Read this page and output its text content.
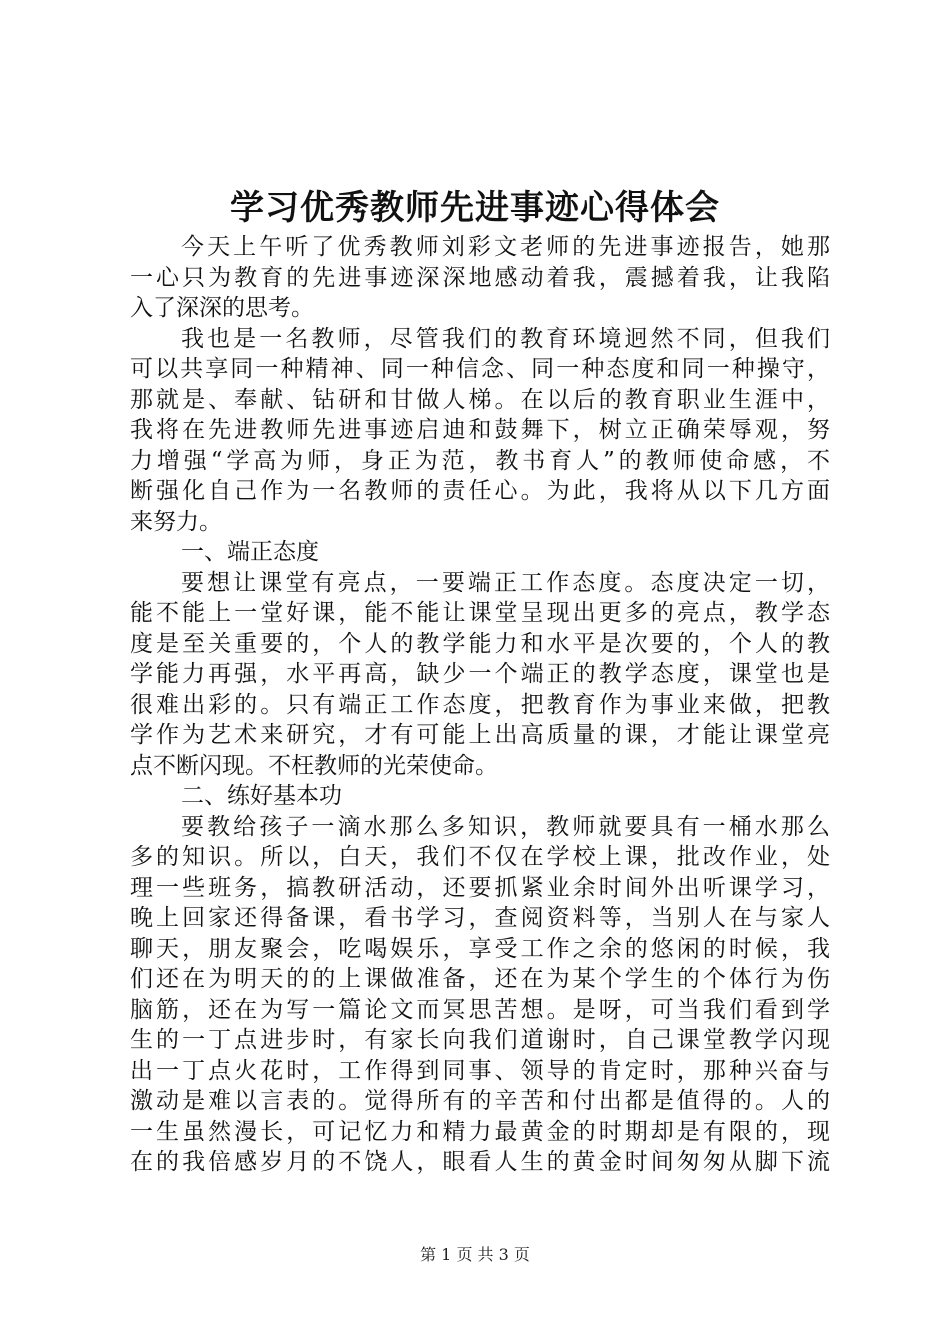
学习优秀教师先进事迹心得体会
今天上午听了优秀教师刘彩文老师的先进事迹报告，她那
一心只为教育的先进事迹深深地感动着我，震撼着我，让我陷
入了深深的思考。
我也是一名教师，尽管我们的教育环境迥然不同，但我们
可以共享同一种精神、同一种信念、同一种态度和同一种操守，
那就是、奉献、钻研和甘做人梯。在以后的教育职业生涯中，
我将在先进教师先进事迹启迪和鼓舞下，树立正确荣辱观，努
力增强“学高为师，身正为范，教书育人”的教师使命感，不
断强化自己作为一名教师的责任心。为此，我将从以下几方面
来努力。
一、端正态度
要想让课堂有亮点，一要端正工作态度。态度决定一切，
能不能上一堂好课，能不能让课堂呈现出更多的亮点，教学态
度是至关重要的，个人的教学能力和水平是次要的，个人的教
学能力再强，水平再高，缺少一个端正的教学态度，课堂也是
很难出彩的。只有端正工作态度，把教育作为事业来做，把教
学作为艺术来研究，才有可能上出高质量的课，才能让课堂亮
点不断闪现。不枉教师的光荣使命。
二、练好基本功
要教给孩子一滴水那么多知识，教师就要具有一桶水那么
多的知识。所以，白天，我们不仅在学校上课，批改作业，处
理一些班务，搞教研活动，还要抓紧业余时间外出听课学习，
晚上回家还得备课，看书学习，查阅资料等，当别人在与家人
聊天，朋友聚会，吃喝娱乐，享受工作之余的悠闲的时候，我
们还在为明天的的上课做准备，还在为某个学生的个体行为伤
脑筋，还在为写一篇论文而冥思苦想。是呀，可当我们看到学
生的一丁点进步时，有家长向我们道谢时，自己课堂教学闪现
出一丁点火花时，工作得到同事、领导的肯定时，那种兴奋与
激动是难以言表的。觉得所有的辛苦和付出都是值得的。人的
一生虽然漫长，可记忆力和精力最黄金的时期却是有限的，现
在的我倍感岁月的不饶人，眼看人生的黄金时间匆匆从脚下流
第 1 页 共 3 页
